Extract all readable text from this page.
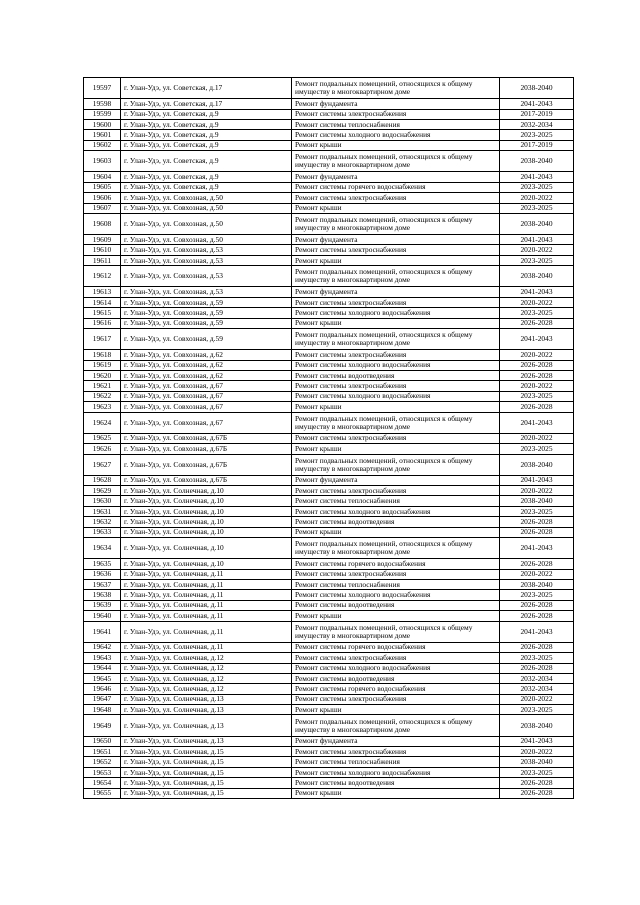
19597	г. Улан-Удэ, ул. Советская, д.17	Ремонт подвальных помещений, относящихся к общему имуществу в многоквартирном доме	2038-2040
19598	г. Улан-Удэ, ул. Советская, д.17	Ремонт фундамента	2041-2043
19599	г. Улан-Удэ, ул. Советская, д.9	Ремонт системы электроснабжения	2017-2019
19600	г. Улан-Удэ, ул. Советская, д.9	Ремонт системы теплоснабжения	2032-2034
19601	г. Улан-Удэ, ул. Советская, д.9	Ремонт системы холодного водоснабжения	2023-2025
19602	г. Улан-Удэ, ул. Советская, д.9	Ремонт крыши	2017-2019
19603	г. Улан-Удэ, ул. Советская, д.9	Ремонт подвальных помещений, относящихся к общему имуществу в многоквартирном доме	2038-2040
19604	г. Улан-Удэ, ул. Советская, д.9	Ремонт фундамента	2041-2043
19605	г. Улан-Удэ, ул. Советская, д.9	Ремонт системы горячего водоснабжения	2023-2025
19606	г. Улан-Удэ, ул. Совхозная, д.50	Ремонт системы электроснабжения	2020-2022
19607	г. Улан-Удэ, ул. Совхозная, д.50	Ремонт крыши	2023-2025
19608	г. Улан-Удэ, ул. Совхозная, д.50	Ремонт подвальных помещений, относящихся к общему имуществу в многоквартирном доме	2038-2040
19609	г. Улан-Удэ, ул. Совхозная, д.50	Ремонт фундамента	2041-2043
19610	г. Улан-Удэ, ул. Совхозная, д.53	Ремонт системы электроснабжения	2020-2022
19611	г. Улан-Удэ, ул. Совхозная, д.53	Ремонт крыши	2023-2025
19612	г. Улан-Удэ, ул. Совхозная, д.53	Ремонт подвальных помещений, относящихся к общему имуществу в многоквартирном доме	2038-2040
19613	г. Улан-Удэ, ул. Совхозная, д.53	Ремонт фундамента	2041-2043
19614	г. Улан-Удэ, ул. Совхозная, д.59	Ремонт системы электроснабжения	2020-2022
19615	г. Улан-Удэ, ул. Совхозная, д.59	Ремонт системы холодного водоснабжения	2023-2025
19616	г. Улан-Удэ, ул. Совхозная, д.59	Ремонт крыши	2026-2028
19617	г. Улан-Удэ, ул. Совхозная, д.59	Ремонт подвальных помещений, относящихся к общему имуществу в многоквартирном доме	2041-2043
19618	г. Улан-Удэ, ул. Совхозная, д.62	Ремонт системы электроснабжения	2020-2022
19619	г. Улан-Удэ, ул. Совхозная, д.62	Ремонт системы холодного водоснабжения	2026-2028
19620	г. Улан-Удэ, ул. Совхозная, д.62	Ремонт системы водоотведения	2026-2028
19621	г. Улан-Удэ, ул. Совхозная, д.67	Ремонт системы электроснабжения	2020-2022
19622	г. Улан-Удэ, ул. Совхозная, д.67	Ремонт системы холодного водоснабжения	2023-2025
19623	г. Улан-Удэ, ул. Совхозная, д.67	Ремонт крыши	2026-2028
19624	г. Улан-Удэ, ул. Совхозная, д.67	Ремонт подвальных помещений, относящихся к общему имуществу в многоквартирном доме	2041-2043
19625	г. Улан-Удэ, ул. Совхозная, д.67Б	Ремонт системы электроснабжения	2020-2022
19626	г. Улан-Удэ, ул. Совхозная, д.67Б	Ремонт крыши	2023-2025
19627	г. Улан-Удэ, ул. Совхозная, д.67Б	Ремонт подвальных помещений, относящихся к общему имуществу в многоквартирном доме	2038-2040
19628	г. Улан-Удэ, ул. Совхозная, д.67Б	Ремонт фундамента	2041-2043
19629	г. Улан-Удэ, ул. Солнечная, д.10	Ремонт системы электроснабжения	2020-2022
19630	г. Улан-Удэ, ул. Солнечная, д.10	Ремонт системы теплоснабжения	2038-2040
19631	г. Улан-Удэ, ул. Солнечная, д.10	Ремонт системы холодного водоснабжения	2023-2025
19632	г. Улан-Удэ, ул. Солнечная, д.10	Ремонт системы водоотведения	2026-2028
19633	г. Улан-Удэ, ул. Солнечная, д.10	Ремонт крыши	2026-2028
19634	г. Улан-Удэ, ул. Солнечная, д.10	Ремонт подвальных помещений, относящихся к общему имуществу в многоквартирном доме	2041-2043
19635	г. Улан-Удэ, ул. Солнечная, д.10	Ремонт системы горячего водоснабжения	2026-2028
19636	г. Улан-Удэ, ул. Солнечная, д.11	Ремонт системы электроснабжения	2020-2022
19637	г. Улан-Удэ, ул. Солнечная, д.11	Ремонт системы теплоснабжения	2038-2040
19638	г. Улан-Удэ, ул. Солнечная, д.11	Ремонт системы холодного водоснабжения	2023-2025
19639	г. Улан-Удэ, ул. Солнечная, д.11	Ремонт системы водоотведения	2026-2028
19640	г. Улан-Удэ, ул. Солнечная, д.11	Ремонт крыши	2026-2028
19641	г. Улан-Удэ, ул. Солнечная, д.11	Ремонт подвальных помещений, относящихся к общему имуществу в многоквартирном доме	2041-2043
19642	г. Улан-Удэ, ул. Солнечная, д.11	Ремонт системы горячего водоснабжения	2026-2028
19643	г. Улан-Удэ, ул. Солнечная, д.12	Ремонт системы электроснабжения	2023-2025
19644	г. Улан-Удэ, ул. Солнечная, д.12	Ремонт системы холодного водоснабжения	2026-2028
19645	г. Улан-Удэ, ул. Солнечная, д.12	Ремонт системы водоотведения	2032-2034
19646	г. Улан-Удэ, ул. Солнечная, д.12	Ремонт системы горячего водоснабжения	2032-2034
19647	г. Улан-Удэ, ул. Солнечная, д.13	Ремонт системы электроснабжения	2020-2022
19648	г. Улан-Удэ, ул. Солнечная, д.13	Ремонт крыши	2023-2025
19649	г. Улан-Удэ, ул. Солнечная, д.13	Ремонт подвальных помещений, относящихся к общему имуществу в многоквартирном доме	2038-2040
19650	г. Улан-Удэ, ул. Солнечная, д.13	Ремонт фундамента	2041-2043
19651	г. Улан-Удэ, ул. Солнечная, д.15	Ремонт системы электроснабжения	2020-2022
19652	г. Улан-Удэ, ул. Солнечная, д.15	Ремонт системы теплоснабжения	2038-2040
19653	г. Улан-Удэ, ул. Солнечная, д.15	Ремонт системы холодного водоснабжения	2023-2025
19654	г. Улан-Удэ, ул. Солнечная, д.15	Ремонт системы водоотведения	2026-2028
19655	г. Улан-Удэ, ул. Солнечная, д.15	Ремонт крыши	2026-2028
